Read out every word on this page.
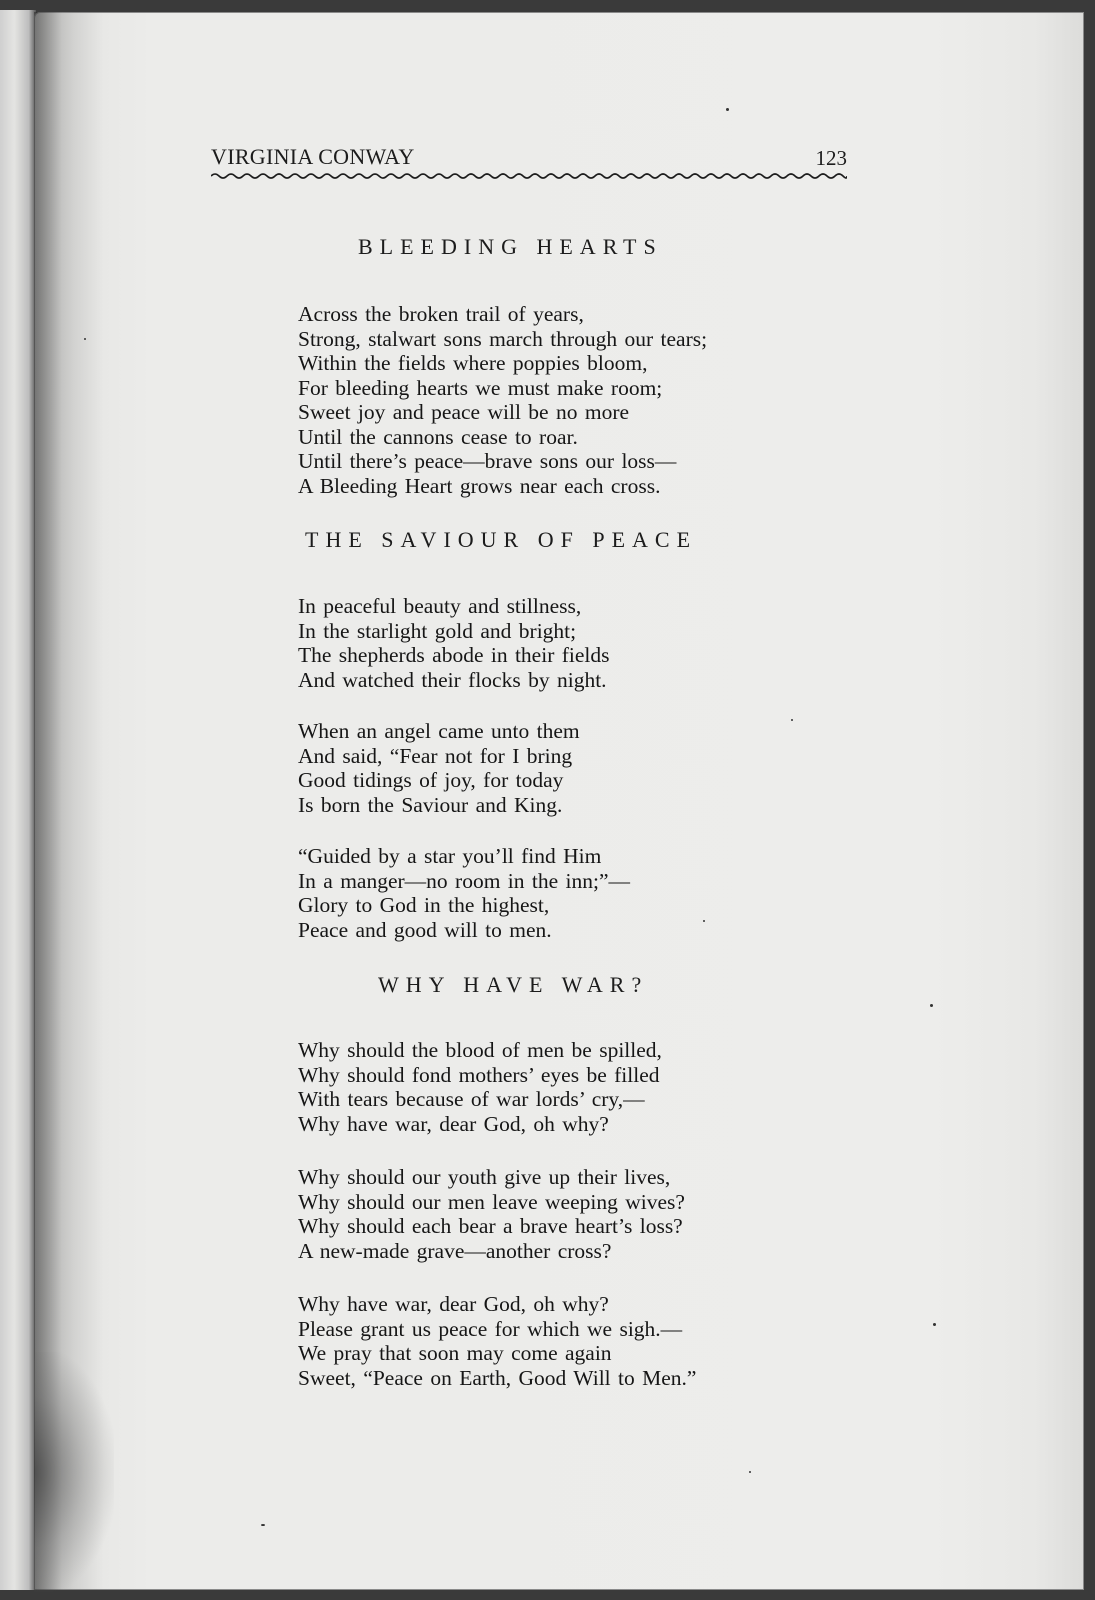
VIRGINIA CONWAY	123
BLEEDING HEARTS
Across the broken trail of years,
Strong, stalwart sons march through our tears;
Within the fields where poppies bloom,
For bleeding hearts we must make room;
Sweet joy and peace will be no more
Until the cannons cease to roar.
Until there’s peace—brave sons our loss—
A Bleeding Heart grows near each cross.
THE SAVIOUR OF PEACE
In peaceful beauty and stillness,
In the starlight gold and bright;
The shepherds abode in their fields
And watched their flocks by night.
When an angel came unto them
And said, “Fear not for I bring
Good tidings of joy, for today
Is born the Saviour and King.
“Guided by a star you’ll find Him
In a manger—no room in the inn;”—
Glory to God in the highest,
Peace and good will to men.
WHY HAVE WAR?
Why should the blood of men be spilled,
Why should fond mothers’ eyes be filled
With tears because of war lords’ cry,—
Why have war, dear God, oh why?
Why should our youth give up their lives,
Why should our men leave weeping wives?
Why should each bear a brave heart’s loss?
A new-made grave—another cross?
Why have war, dear God, oh why?
Please grant us peace for which we sigh.—
We pray that soon may come again
Sweet, “Peace on Earth, Good Will to Men.”
